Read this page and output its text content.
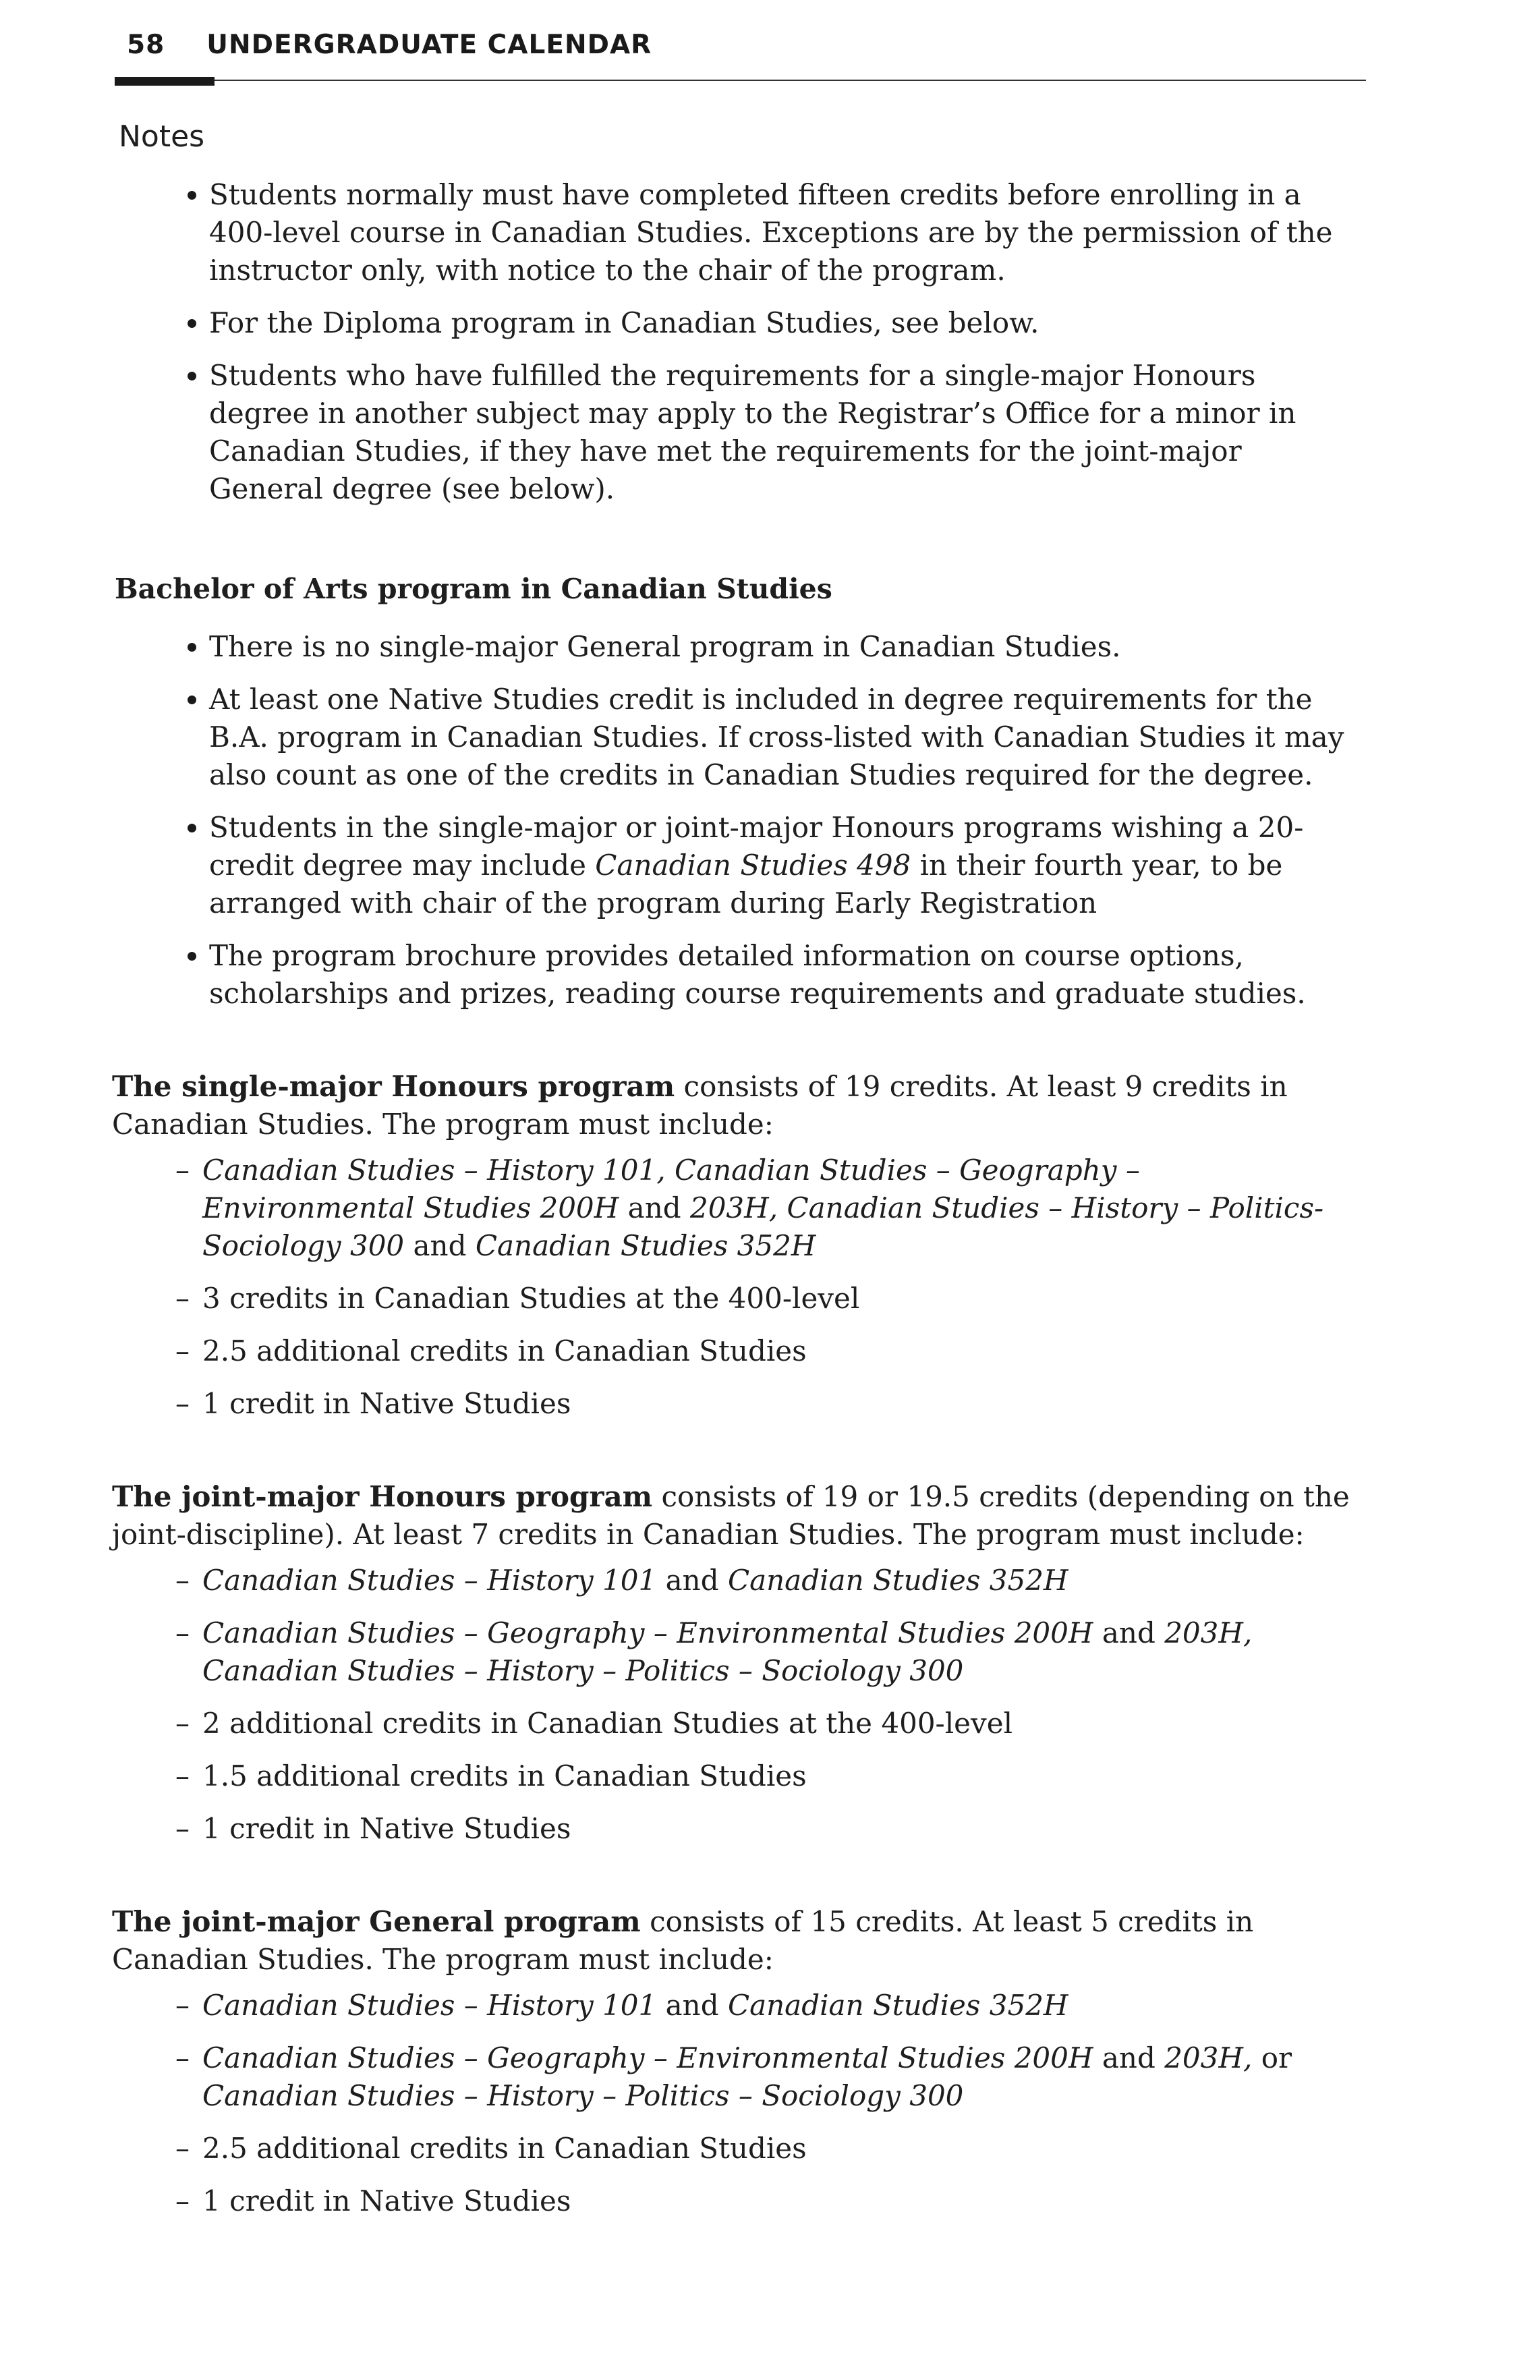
58 UNDERGRADUATE CALENDAR
Notes
Students normally must have completed fifteen credits before enrolling in a 400-level course in Canadian Studies. Exceptions are by the permission of the instructor only, with notice to the chair of the program.
For the Diploma program in Canadian Studies, see below.
Students who have fulfilled the requirements for a single-major Honours degree in another subject may apply to the Registrar’s Office for a minor in Canadian Studies, if they have met the requirements for the joint-major General degree (see below).
Bachelor of Arts program in Canadian Studies
There is no single-major General program in Canadian Studies.
At least one Native Studies credit is included in degree requirements for the B.A. program in Canadian Studies. If cross-listed with Canadian Studies it may also count as one of the credits in Canadian Studies required for the degree.
Students in the single-major or joint-major Honours programs wishing a 20-credit degree may include Canadian Studies 498 in their fourth year, to be arranged with chair of the program during Early Registration
The program brochure provides detailed information on course options, scholarships and prizes, reading course requirements and graduate studies.

The single-major Honours program consists of 19 credits. At least 9 credits in Canadian Studies. The program must include:

– Canadian Studies – History 101, Canadian Studies – Geography – Environmental Studies 200H and 203H, Canadian Studies – History – Politics- Sociology 300 and Canadian Studies 352H
– 3 credits in Canadian Studies at the 400-level
– 2.5 additional credits in Canadian Studies
– 1 credit in Native Studies

The joint-major Honours program consists of 19 or 19.5 credits (depending on the joint-discipline). At least 7 credits in Canadian Studies. The program must include:

– Canadian Studies – History 101 and Canadian Studies 352H
– Canadian Studies – Geography – Environmental Studies 200H and 203H, Canadian Studies – History – Politics – Sociology 300
– 2 additional credits in Canadian Studies at the 400-level
– 1.5 additional credits in Canadian Studies
– 1 credit in Native Studies

The joint-major General program consists of 15 credits. At least 5 credits in Canadian Studies. The program must include:

– Canadian Studies – History 101 and Canadian Studies 352H
– Canadian Studies – Geography – Environmental Studies 200H and 203H, or Canadian Studies – History – Politics – Sociology 300
– 2.5 additional credits in Canadian Studies
– 1 credit in Native Studies
